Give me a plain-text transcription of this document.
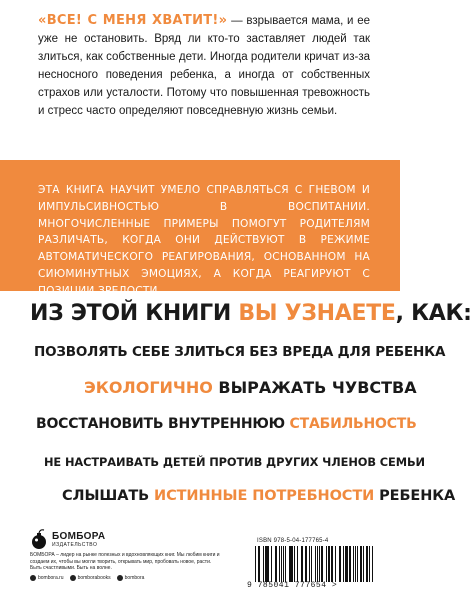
«ВСЕ! С МЕНЯ ХВАТИТ!» — взрывается мама, и ее уже не остановить. Вряд ли кто-то заставляет людей так злиться, как собственные дети. Иногда родители кричат из-за несносного поведения ребенка, а иногда от собственных страхов или усталости. Потому что повышенная тревожность и стресс часто определяют повседневную жизнь семьи.

ЭТА КНИГА НАУЧИТ УМЕЛО СПРАВЛЯТЬСЯ С ГНЕВОМ И ИМПУЛЬСИВНОСТЬЮ В ВОСПИТАНИИ. МНОГОЧИСЛЕННЫЕ ПРИМЕРЫ ПОМОГУТ РОДИТЕЛЯМ РАЗЛИЧАТЬ, КОГДА ОНИ ДЕЙСТВУЮТ В РЕЖИМЕ АВТОМАТИЧЕСКОГО РЕАГИРОВАНИЯ, ОСНОВАННОМ НА СИЮМИНУТНЫХ ЭМОЦИЯХ, А КОГДА РЕАГИРУЮТ С ПОЗИЦИИ ЗРЕЛОСТИ.

ИЗ ЭТОЙ КНИГИ ВЫ УЗНАЕТЕ, КАК:
ПОЗВОЛЯТЬ СЕБЕ ЗЛИТЬСЯ БЕЗ ВРЕДА ДЛЯ РЕБЕНКА
ЭКОЛОГИЧНО ВЫРАЖАТЬ ЧУВСТВА
ВОССТАНОВИТЬ ВНУТРЕННЮЮ СТАБИЛЬНОСТЬ
НЕ НАСТРАИВАТЬ ДЕТЕЙ ПРОТИВ ДРУГИХ ЧЛЕНОВ СЕМЬИ
СЛЫШАТЬ ИСТИННЫЕ ПОТРЕБНОСТИ РЕБЕНКА
БОМБОРА
ИЗДАТЕЛЬСТВО
БОМБОРА – лидер на рынке полезных и вдохновляющих книг. Мы любим книги и создаем их, чтобы вы могли творить, открывать мир, пробовать новое, расти. Быть счастливыми. Быть на волне.
bombora.ru	bomborabooks	bombora
ISBN 978-5-04-177765-4
9 785041 777654 >
